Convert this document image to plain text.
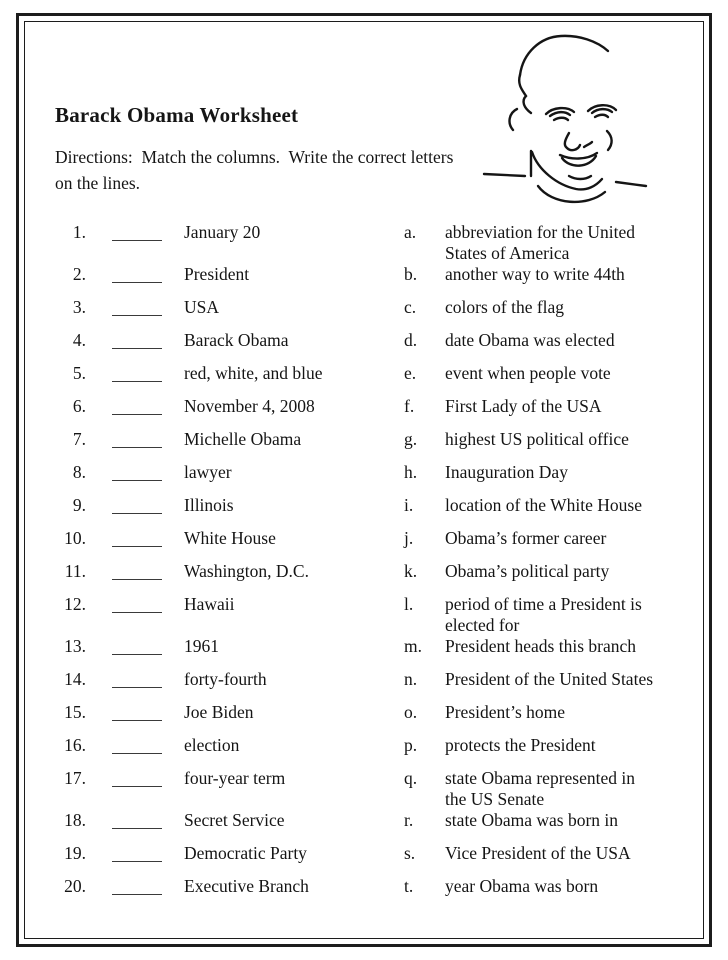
Barack Obama Worksheet

Directions:  Match the columns.  Write the correct letters on the lines.

1.	January 20	a.	abbreviation for the United
States of America
2.	President	b.	another way to write 44th
3.	USA	c.	colors of the flag
4.	Barack Obama	d.	date Obama was elected
5.	red, white, and blue	e.	event when people vote
6.	November 4, 2008	f.	First Lady of the USA
7.	Michelle Obama	g.	highest US political office
8.	lawyer	h.	Inauguration Day
9.	Illinois	i.	location of the White House
10.	White House	j.	Obama’s former career
11.	Washington, D.C.	k.	Obama’s political party
12.	Hawaii	l.	period of time a President is
elected for
13.	1961	m.	President heads this branch
14.	forty-fourth	n.	President of the United States
15.	Joe Biden	o.	President’s home
16.	election	p.	protects the President
17.	four-year term	q.	state Obama represented in
the US Senate
18.	Secret Service	r.	state Obama was born in
19.	Democratic Party	s.	Vice President of the USA
20.	Executive Branch	t.	year Obama was born
